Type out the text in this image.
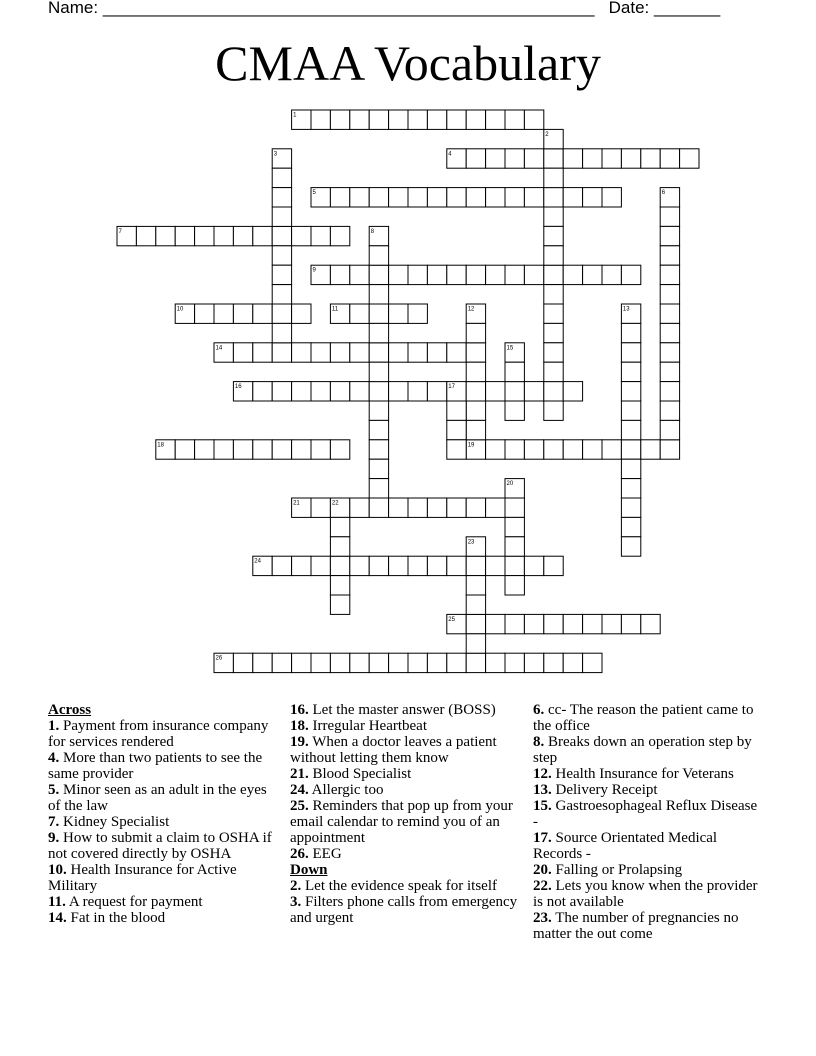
Name: ____________________________________________________ Date: _______
CMAA Vocabulary
1
4
5
7
9
10	11
14
16
18	19
21
24
25
26
2
3
6
8
12	13
15
17
20
22
23

Across

1. Payment from insurance company for services rendered

4. More than two patients to see the same provider

5. Minor seen as an adult in the eyes of the law

7. Kidney Specialist

9. How to submit a claim to OSHA if not covered directly by OSHA

10. Health Insurance for Active Military

11. A request for payment

14. Fat in the blood

16. Let the master answer (BOSS)

18. Irregular Heartbeat

19. When a doctor leaves a patient without letting them know

21. Blood Specialist

24. Allergic too

25. Reminders that pop up from your email calendar to remind you of an appointment

26. EEG

Down

2. Let the evidence speak for itself

3. Filters phone calls from emergency and urgent

6. cc- The reason the patient came to the office

8. Breaks down an operation step by step

12. Health Insurance for Veterans

13. Delivery Receipt

15. Gastroesophageal Reflux Disease -

17. Source Orientated Medical Records -

20. Falling or Prolapsing

22. Lets you know when the provider is not available

23. The number of pregnancies no matter the out come
